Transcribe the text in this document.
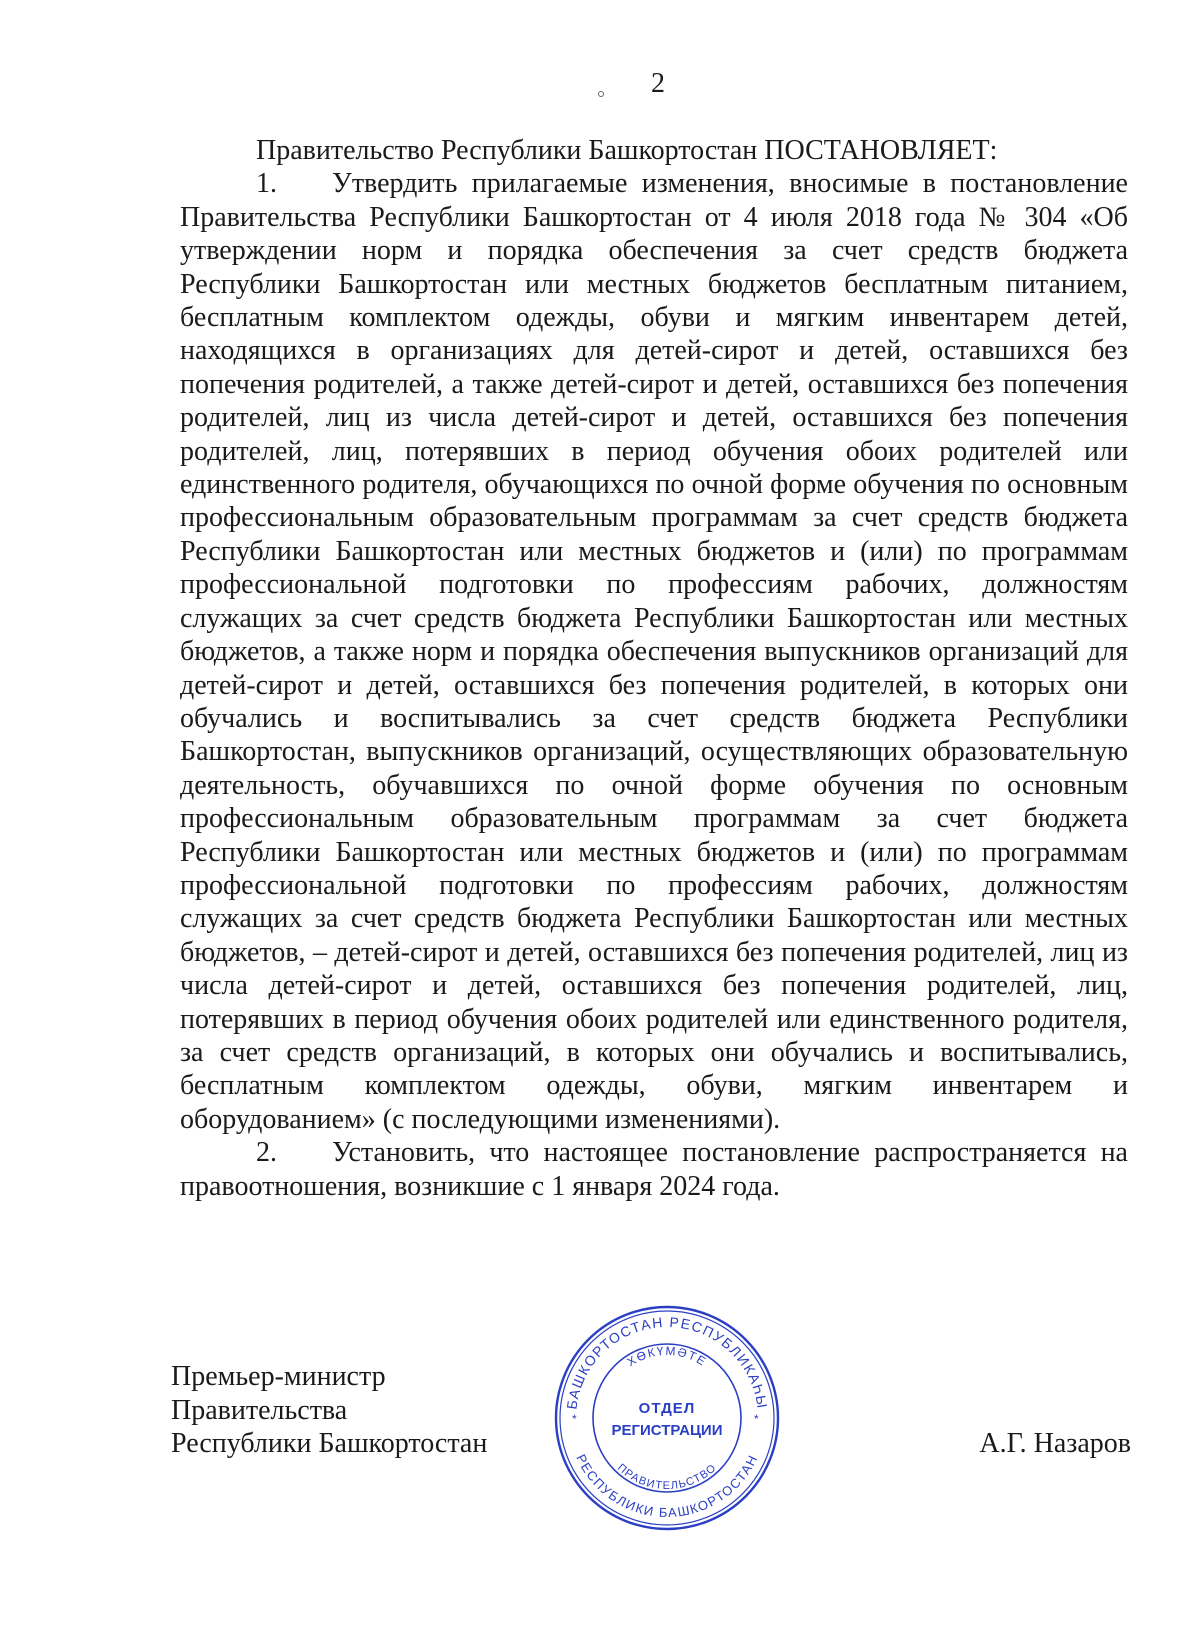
2

Правительство Республики Башкортостан ПОСТАНОВЛЯЕТ:

1. Утвердить прилагаемые изменения, вносимые в постановление Правительства Республики Башкортостан от 4 июля 2018 года № 304 «Об утверждении норм и порядка обеспечения за счет средств бюджета Республики Башкортостан или местных бюджетов бесплатным питанием, бесплатным комплектом одежды, обуви и мягким инвентарем детей, находящихся в организациях для детей-сирот и детей, оставшихся без попечения родителей, а также детей-сирот и детей, оставшихся без попечения родителей, лиц из числа детей-сирот и детей, оставшихся без попечения родителей, лиц, потерявших в период обучения обоих родителей или единственного родителя, обучающихся по очной форме обучения по основным профессиональным образовательным программам за счет средств бюджета Республики Башкортостан или местных бюджетов и (или) по программам профессиональной подготовки по профессиям рабочих, должностям служащих за счет средств бюджета Республики Башкортостан или местных бюджетов, а также норм и порядка обеспечения выпускников организаций для детей-сирот и детей, оставшихся без попечения родителей, в которых они обучались и воспитывались за счет средств бюджета Республики Башкортостан, выпускников организаций, осуществляющих образовательную деятельность, обучавшихся по очной форме обучения по основным профессиональным образовательным программам за счет бюджета Республики Башкортостан или местных бюджетов и (или) по программам профессиональной подготовки по профессиям рабочих, должностям служащих за счет средств бюджета Республики Башкортостан или местных бюджетов, – детей-сирот и детей, оставшихся без попечения родителей, лиц из числа детей-сирот и детей, оставшихся без попечения родителей, лиц, потерявших в период обучения обоих родителей или единственного родителя, за счет средств организаций, в которых они обучались и воспитывались, бесплатным комплектом одежды, обуви, мягким инвентарем и оборудованием» (с последующими изменениями).

2. Установить, что настоящее постановление распространяется на правоотношения, возникшие с 1 января 2024 года.

Премьер-министр
Правительства
Республики Башкортостан	А.Г. Назаров
БАШКОРТОСТАН РЕСПУБЛИКАҺЫ
РЕСПУБЛИКИ БАШКОРТОСТАН
ХӨКҮМӘТЕ
ПРАВИТЕЛЬСТВО
ОТДЕЛ
РЕГИСТРАЦИИ
*	*
